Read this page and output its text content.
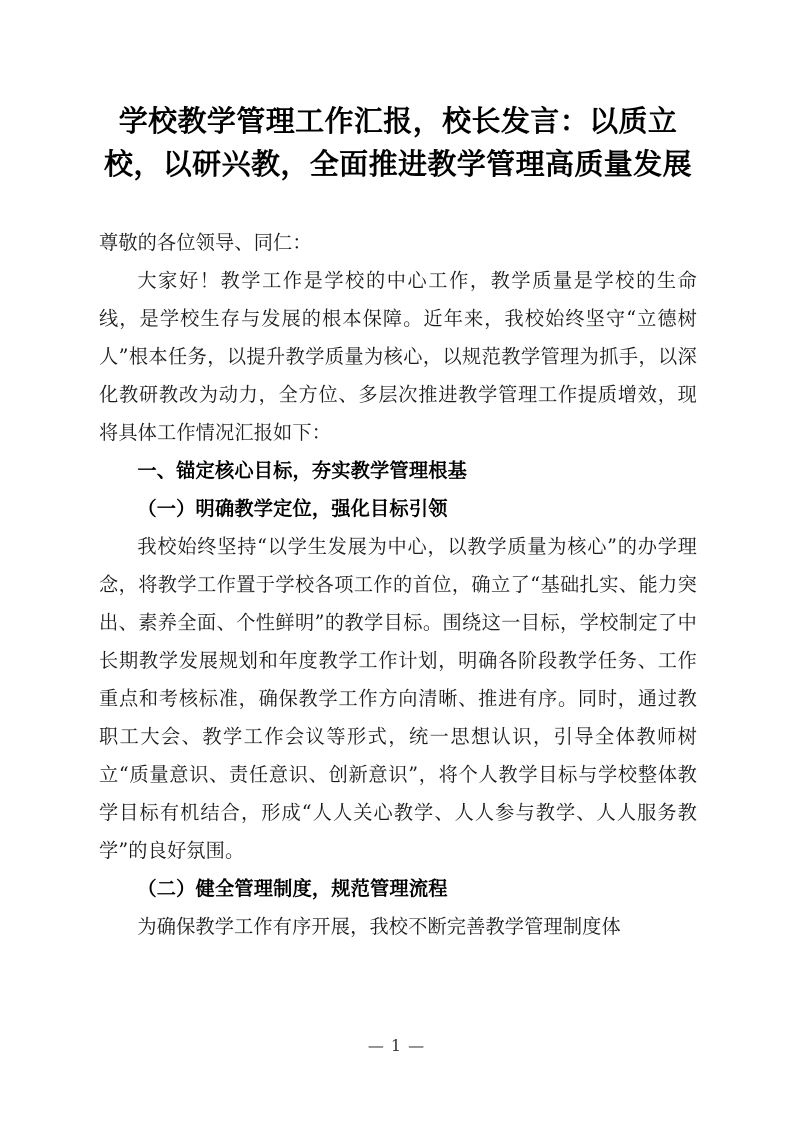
学校教学管理工作汇报，校长发言：以质立校，以研兴教，全面推进教学管理高质量发展

尊敬的各位领导、同仁：

大家好！教学工作是学校的中心工作，教学质量是学校的生命线，是学校生存与发展的根本保障。近年来，我校始终坚守“立德树人”根本任务，以提升教学质量为核心，以规范教学管理为抓手，以深化教研教改为动力，全方位、多层次推进教学管理工作提质增效，现将具体工作情况汇报如下：

一、锚定核心目标，夯实教学管理根基

（一）明确教学定位，强化目标引领

我校始终坚持“以学生发展为中心，以教学质量为核心”的办学理念，将教学工作置于学校各项工作的首位，确立了“基础扎实、能力突出、素养全面、个性鲜明”的教学目标。围绕这一目标，学校制定了中长期教学发展规划和年度教学工作计划，明确各阶段教学任务、工作重点和考核标准，确保教学工作方向清晰、推进有序。同时，通过教职工大会、教学工作会议等形式，统一思想认识，引导全体教师树立“质量意识、责任意识、创新意识”，将个人教学目标与学校整体教学目标有机结合，形成“人人关心教学、人人参与教学、人人服务教学”的良好氛围。

（二）健全管理制度，规范管理流程

为确保教学工作有序开展，我校不断完善教学管理制度体

— 1 —
